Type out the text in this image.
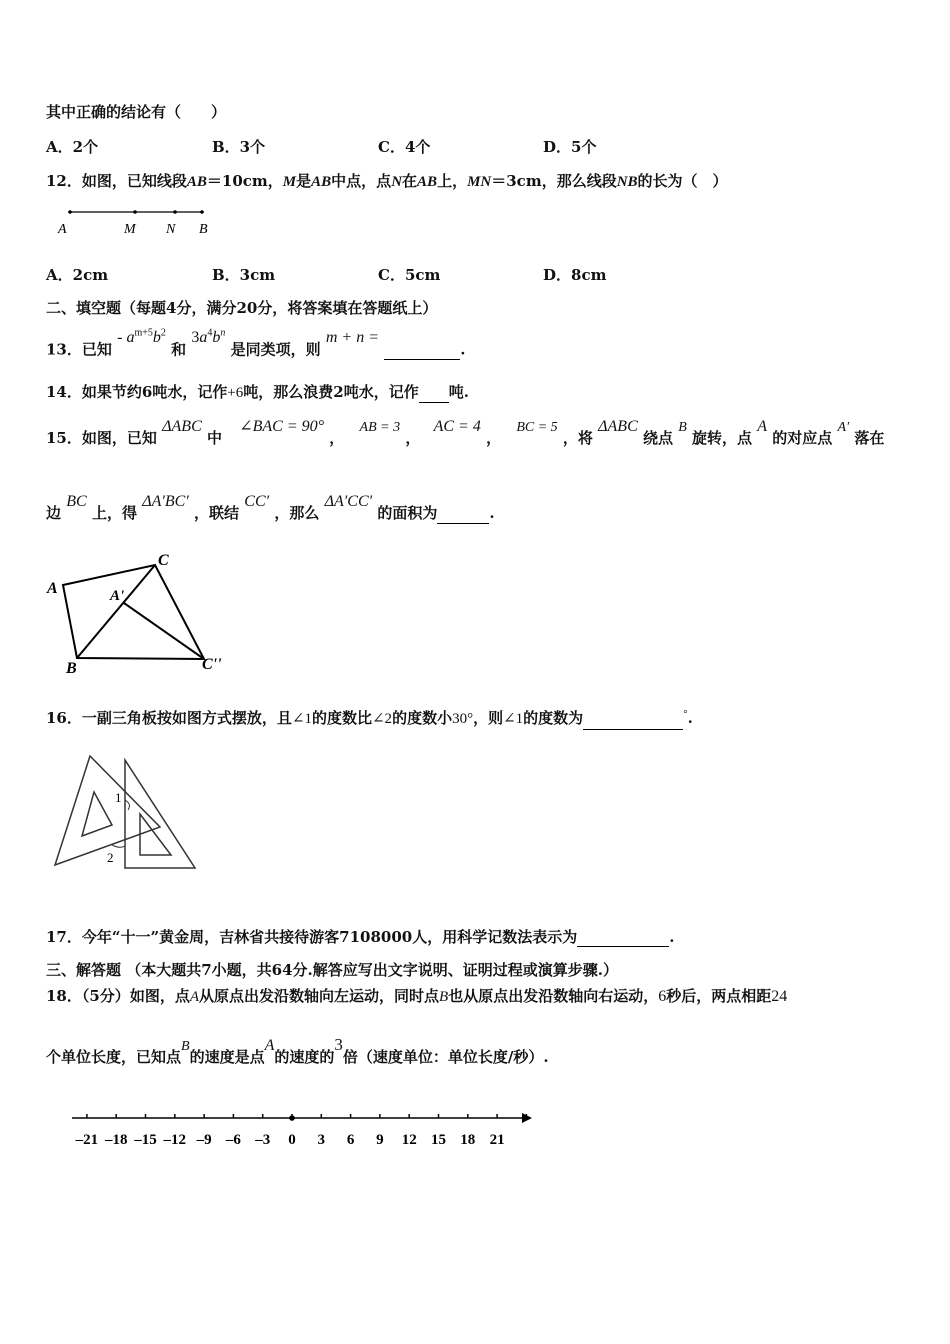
其中正确的结论有（　　）
A．2个	B．3个	C．4个	D．5个
12．如图，已知线段AB＝10cm，M是AB中点，点N在AB上，MN＝3cm，那么线段NB的长为（　）
A	M N B
A．2cm	B．3cm	C．5cm	D．8cm
二、填空题（每题4分，满分20分，将答案填在答题纸上）
13．已知 - $a^{m+5}b^2$ 和 $3a^4b^n$ 是同类项，则 m + n = .
14．如果节约6吨水，记作+6吨，那么浪费2吨水，记作 吨.
15．如图，已知 ΔABC 中 ∠BAC = 90° ， AB = 3 ， AC = 4 ， BC = 5 ，将 ΔABC 绕点 B 旋转，点 A 的对应点 A′ 落在
边 BC 上，得 ΔA′BC′ ，联结 CC′ ，那么 ΔA′CC′ 的面积为	.
A
C
A'
B	C''
16．一副三角板按如图方式摆放，且∠1的度数比∠2的度数小30°，则∠1的度数为	°.
1
2
17．今年“十一”黄金周，吉林省共接待游客7108000人，用科学记数法表示为	.
三、解答题 （本大题共7小题，共64分.解答应写出文字说明、证明过程或演算步骤.）
18．（5分）如图，点A从原点出发沿数轴向左运动，同时点B也从原点出发沿数轴向右运动，6秒后，两点相距24
个单位长度，已知点B的速度是点A的速度的3倍（速度单位：单位长度/秒）.
–21 –18 –15 –12 –9 –6 –3 0 3 6 9 12 15 18 21
